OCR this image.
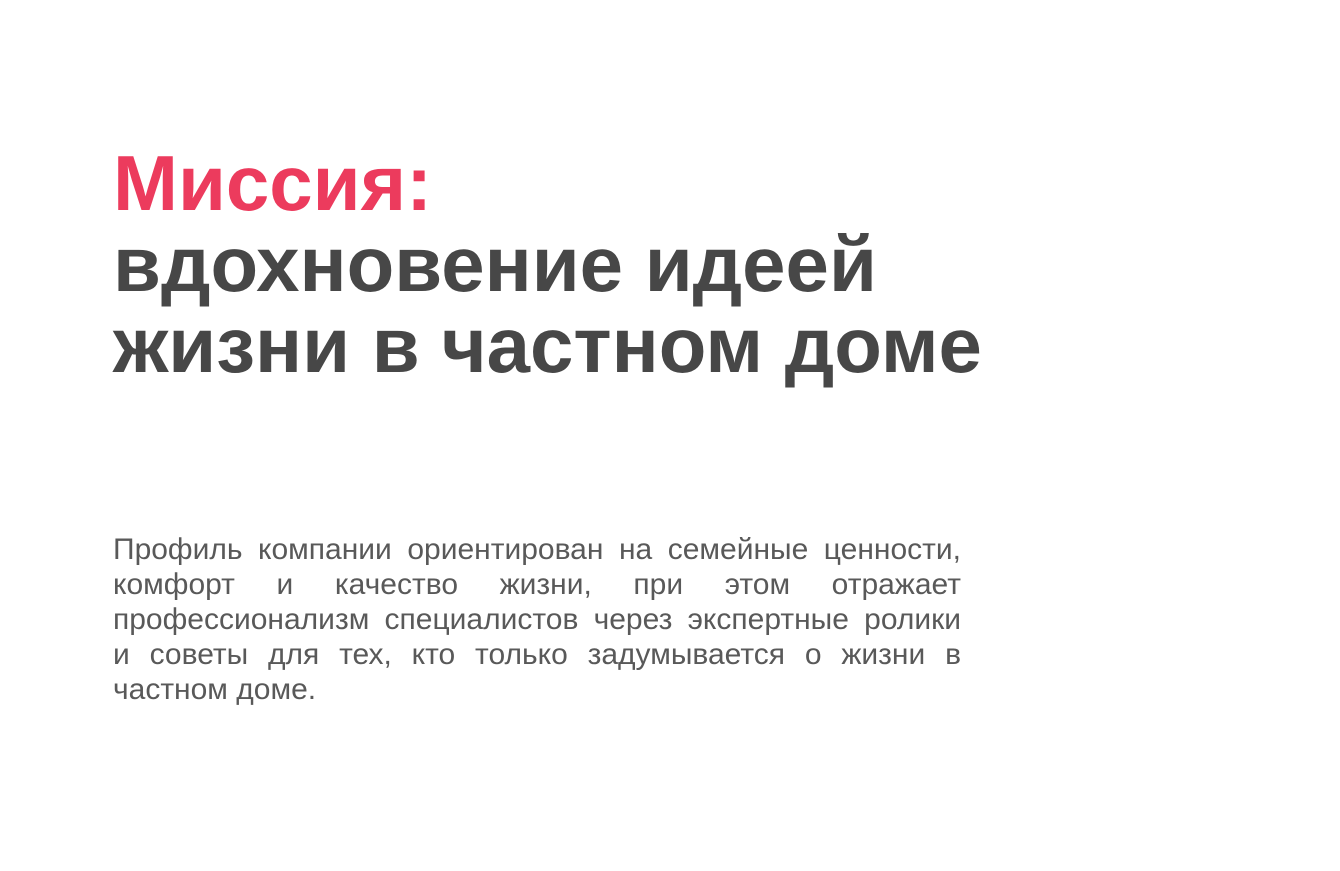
Миссия:
вдохновение идеей
жизни в частном доме
Профиль компании ориентирован на семейные ценности,
комфорт и качество жизни, при этом отражает
профессионализм специалистов через экспертные ролики
и советы для тех, кто только задумывается о жизни в
частном доме.
